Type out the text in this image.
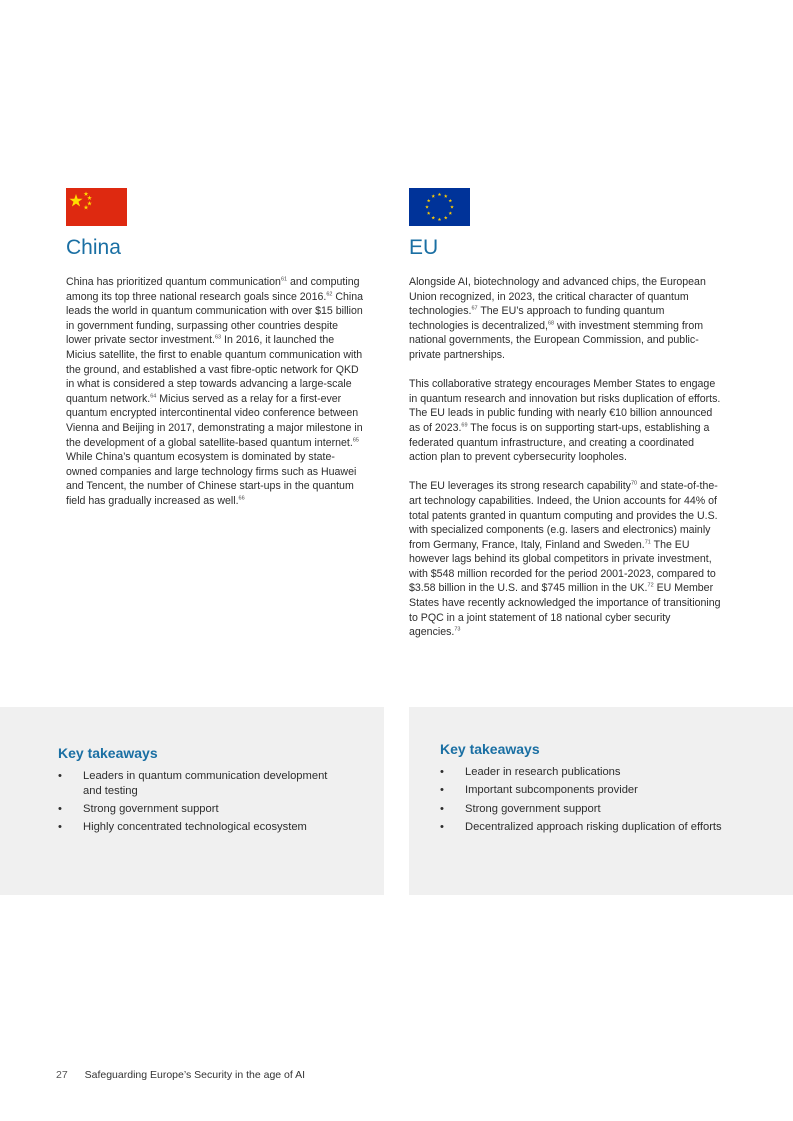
China	EU

China has prioritized quantum communication$^{61}$ and computing among its top three national research goals since 2016.62 China leads the world in quantum communication with over $15 billion in government funding, surpassing other countries despite lower private sector investment.$^{63}$ In 2016, it launched the Micius satellite, the first to enable quantum communication with the ground, and established a vast fibre-optic network for QKD in what is considered a step towards advancing a large-scale quantum network.$^{64}$ Micius served as a relay for a first-ever quantum encrypted intercontinental video conference between Vienna and Beijing in 2017, demonstrating a major milestone in the development of a global satellite-based quantum internet.$^{65}$ While China’s quantum ecosystem is dominated by state-owned companies and large technology firms such as Huawei and Tencent, the number of Chinese start-ups in the quantum field has gradually increased as well.$^{66}$

Alongside AI, biotechnology and advanced chips, the European Union recognized, in 2023, the critical character of quantum technologies.$^{67}$ The EU’s approach to funding quantum technologies is decentralized,$^{68}$ with investment stemming from national governments, the European Commission, and public-private partnerships.

This collaborative strategy encourages Member States to engage in quantum research and innovation but risks duplication of efforts. The EU leads in public funding with nearly €10 billion announced as of 2023.69 The focus is on supporting start-ups, establishing a federated quantum infrastructure, and creating a coordinated action plan to prevent cybersecurity loopholes.

The EU leverages its strong research capability$^{70}$ and state-of-the-art technology capabilities. Indeed, the Union accounts for 44% of total patents granted in quantum computing and provides the U.S. with specialized components (e.g. lasers and electronics) mainly from Germany, France, Italy, Finland and Sweden.$^{71}$ The EU however lags behind its global competitors in private investment, with $548 million recorded for the period 2001-2023, compared to $3.58 billion in the U.S. and $745 million in the UK.$^{72}$ EU Member States have recently acknowledged the importance of transitioning to PQC in a joint statement of 18 national cyber security agencies.$^{73}$

Key takeaways	Key takeaways
• Leaders in quantum communication development and testing
• Strong government support
• Highly concentrated technological ecosystem
• Leader in research publications
• Important subcomponents provider
• Strong government support
• Decentralized approach risking duplication of efforts
27 Safeguarding Europe’s Security in the age of AI
